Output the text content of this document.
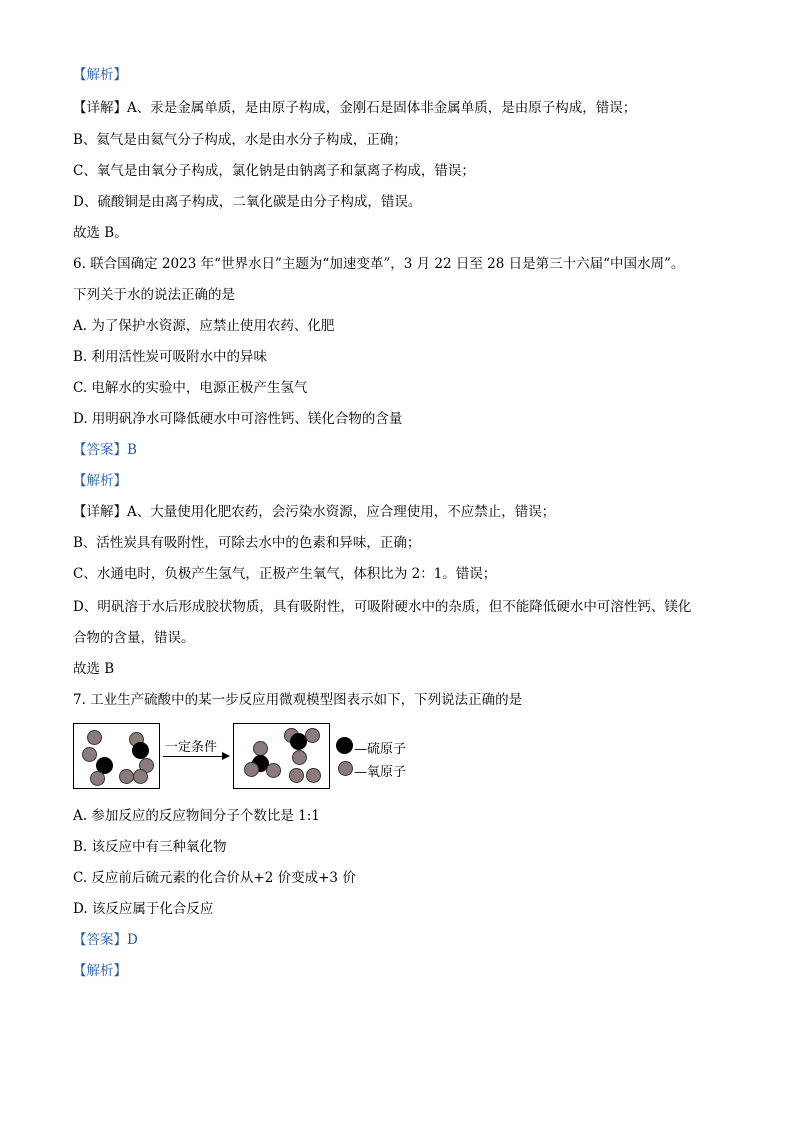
【解析】
【详解】A、汞是金属单质，是由原子构成，金刚石是固体非金属单质，是由原子构成，错误；
B、氦气是由氦气分子构成，水是由水分子构成，正确；
C、氧气是由氧分子构成，氯化钠是由钠离子和氯离子构成，错误；
D、硫酸铜是由离子构成，二氧化碳是由分子构成，错误。
故选 B。
6. 联合国确定 2023 年“世界水日”主题为“加速变革”，3 月 22 日至 28 日是第三十六届“中国水周”。
下列关于水的说法正确的是
A. 为了保护水资源，应禁止使用农药、化肥
B. 利用活性炭可吸附水中的异味
C. 电解水的实验中，电源正极产生氢气
D. 用明矾净水可降低硬水中可溶性钙、镁化合物的含量
【答案】B
【解析】
【详解】A、大量使用化肥农药，会污染水资源，应合理使用，不应禁止，错误；
B、活性炭具有吸附性，可除去水中的色素和异味，正确；
C、水通电时，负极产生氢气，正极产生氧气，体积比为 2：1。错误；
D、明矾溶于水后形成胶状物质，具有吸附性，可吸附硬水中的杂质，但不能降低硬水中可溶性钙、镁化
合物的含量，错误。
故选 B
7. 工业生产硫酸中的某一步反应用微观模型图表示如下，下列说法正确的是
一定条件	—硫原子
—氧原子
A. 参加反应的反应物间分子个数比是 1:1
B. 该反应中有三种氧化物
C. 反应前后硫元素的化合价从+2 价变成+3 价
D. 该反应属于化合反应
【答案】D
【解析】
